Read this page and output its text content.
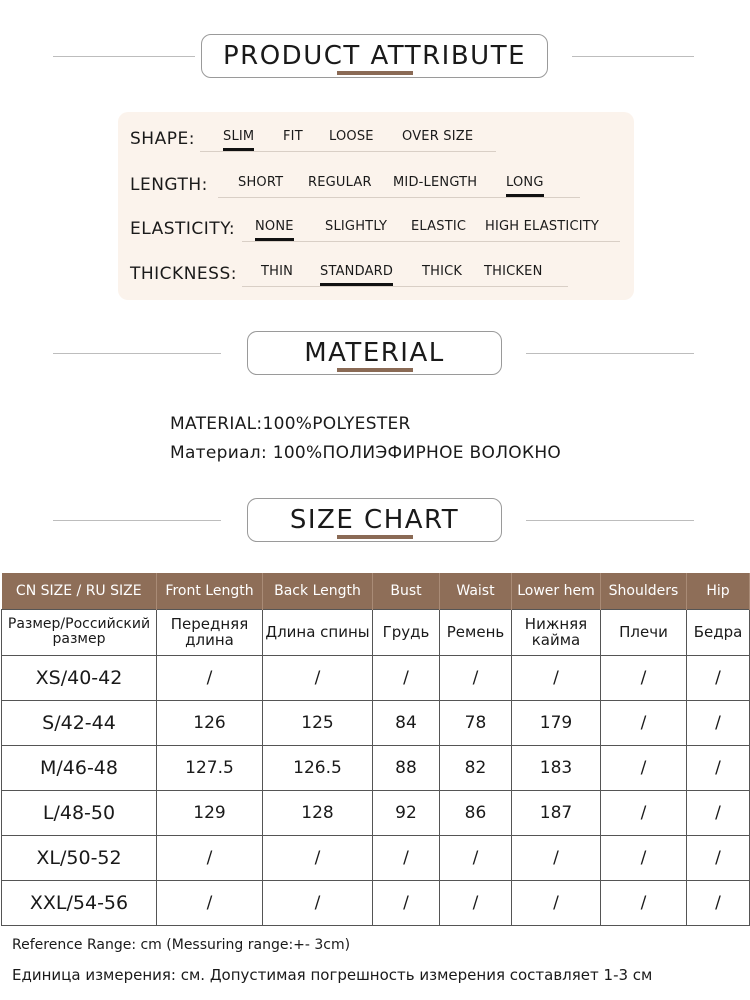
PRODUCT ATTRIBUTE
SHAPE: SLIM FIT LOOSE OVER SIZE
LENGTH: SHORT REGULAR MID-LENGTH LONG
ELASTICITY: NONE SLIGHTLY ELASTIC HIGH ELASTICITY
THICKNESS: THIN STANDARD THICK THICKEN
MATERIAL
MATERIAL:100%POLYESTER
Материал: 100%ПОЛИЭФИРНОЕ ВОЛОКНО
SIZE CHART
CN SIZE / RU SIZE	Front Length	Back Length	Bust	Waist	Lower hem	Shoulders	Hip
Размер/Российский размер	Передняя длина	Длина спины	Грудь	Ремень	Нижняя кайма	Плечи	Бедра
XS/40-42	/	/	/	/	/	/	/
S/42-44	126	125	84	78	179	/	/
M/46-48	127.5	126.5	88	82	183	/	/
L/48-50	129	128	92	86	187	/	/
XL/50-52	/	/	/	/	/	/	/
XXL/54-56	/	/	/	/	/	/	/
Reference Range: cm (Messuring range:+- 3cm)
Единица измерения: см. Допустимая погрешность измерения составляет 1-3 см
